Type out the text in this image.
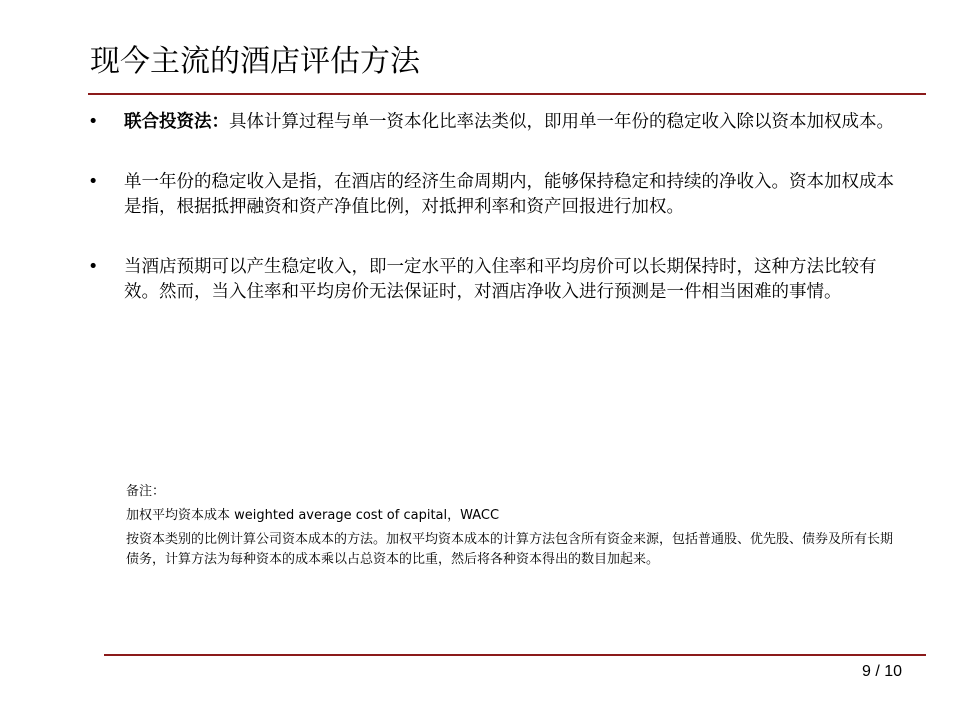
现今主流的酒店评估方法
• 联合投资法：具体计算过程与单一资本化比率法类似，即用单一年份的稳定收入除以资本加权成本。
• 单一年份的稳定收入是指，在酒店的经济生命周期内，能够保持稳定和持续的净收入。资本加权成本是指，根据抵押融资和资产净值比例，对抵押利率和资产回报进行加权。
• 当酒店预期可以产生稳定收入，即一定水平的入住率和平均房价可以长期保持时，这种方法比较有效。然而，当入住率和平均房价无法保证时，对酒店净收入进行预测是一件相当困难的事情。

备注：

加权平均资本成本 weighted average cost of capital，WACC

按资本类别的比例计算公司资本成本的方法。加权平均资本成本的计算方法包含所有资金来源，包括普通股、优先股、债券及所有长期债务，计算方法为每种资本的成本乘以占总资本的比重，然后将各种资本得出的数目加起来。

9 / 10
